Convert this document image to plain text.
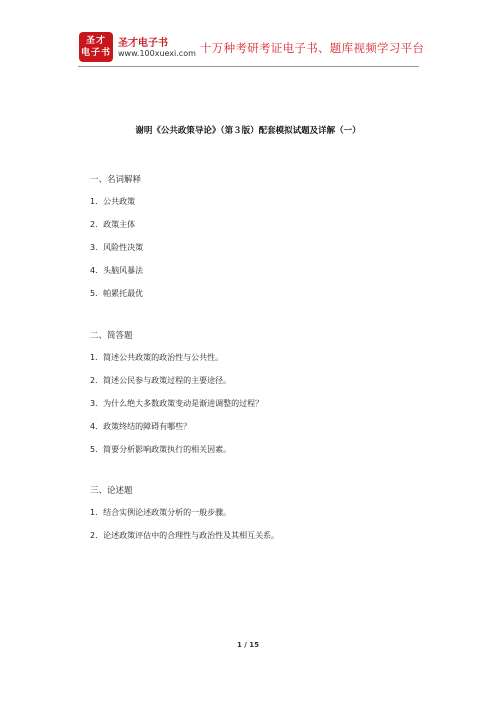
圣才
电子书
圣才电子书
www.100xuexi.com 十万种考研考证电子书、题库视频学习平台
谢明《公共政策导论》（第３版）配套模拟试题及详解（一）
一、名词解释
1．公共政策
2．政策主体
3．风险性决策
4．头脑风暴法
5．帕累托最优
二、简答题
1．简述公共政策的政治性与公共性。
2．简述公民参与政策过程的主要途径。
3．为什么绝大多数政策变动是渐进调整的过程？
4．政策终结的障碍有哪些？
5．简要分析影响政策执行的相关因素。
三、论述题
1．结合实例论述政策分析的一般步骤。
2．论述政策评估中的合理性与政治性及其相互关系。
1 / 15
